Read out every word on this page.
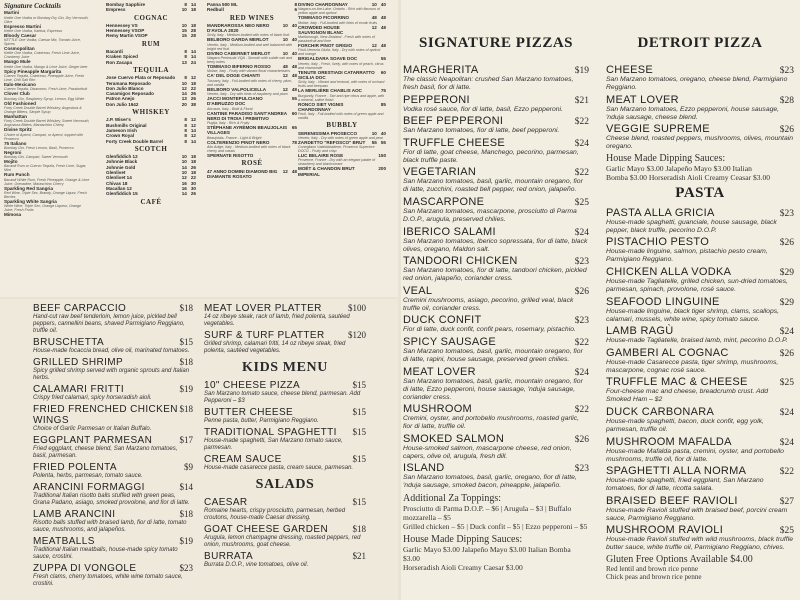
Signature Cocktails
Martini
Kettle One Vodka or Bombay Dry Gin, Dry Vermouth, Olive
Espresso Martini
Kettle One Vodka, Kahlua, Espresso
Bloody Caesar
KETTLE One Vodka, Caesar Mix, Tomato Juice, Spices
Cosmopolitan
Kettle One Vodka, Cointreau, Fresh Lime Juice, Cranberry Juice
Mango Mule
Kettle One Vodka, Mango & Lime Juice, Ginger beer
Spicy Pineapple Margarita
Cuervo Tequila, Cointreau, Pineapple Juice, Fresh Lime, Chili Salt Rim
Italo-Mexicano
Cuervo Tequila, Disaronno, Fresh Lime, Passionfruit
Clover Club
Bombay Gin, Raspberry Syrup, Lemon, Egg White
Old Fashioned
Forty Creek Double Barrel Whiskey, Angostura & Orange Bitters, Simple Syrup
Manhattan
Forty Creek Double Barrel Whiskey, Sweet Vermouth, Angostura Bitters, Maraschino Cherry
Divine Spritz
Choice of Aperol, Campari, or Aperol, topped with Prosecco
75 Italiano
Bombay Gin, Fresh Lemon, Basil, Prosecco
Negroni
Bombay Gin, Campari, Sweet Vermouth
Mojito
Bacardi Rum or Cuervo Tequila, Fresh Lime, Sugar, Mint
Rum Punch
Bacardi White Rum, Fresh Pineapple, Orange & Lime Juice, Grenadine, Maraschino Cherry
Sparkling Red Sangria
Red Wine, Triple Sec, Brandy, Orange Liquor, Fresh Berries
Sparkling White Sangria
White Wine, Triple Sec, Orange Liqueur, Orange Juice, Fresh Fruits
Mimosa
Bombay Sapphire	8 14
Empress	10 18
COGNAC
Hennessey VS	10 18
Hennessey VSOP	15 28
Remy Martin VSOP	15 28
RUM
Bacardi	8 14
Kraken Spiced	8 14
Ron Zacapa	13 24
TEQUILA
Jose Cuervo Plata or Reposado	8 12
Teramana Reposado	10 18
Don Julio Blanco	12 22
Casamigos Reposado	14 26
Patron Anejo	13 26
Don Julio 1942	20 38
WHISKEY
J.P. Wiser's	8 12
Bushmills Original	8 12
Jameson Irish	8 14
Crown Royal	8 12
Forty Creek Double Barrel	8 14
SCOTCH
Glenfiddich 12	10 18
Johnnie Black	10 18
Johnnie Gold	14 26
Glenlivet	10 18
Glenlivet 14	12 22
Chivas 18	16 30
Macallan 12	16 30
Glenfiddich 15	14 26
CAFÉ
Panna 500 ML	8
Redbull	6
RED WINES
MANDRAROSSA NEO NERO D'AVOLA 2020
10 40
Sicily, Italy - Medium-bodied with notes of black fruit
BELBORO GARDA MERLOT	10 40
Veneto, Italy - Medium-bodied and well balanced with bright red fruit
DIVINO CABERNET MERLOT	10 40
Niagara Peninsula VQA - Smooth with subtle oak and berry notes
TOMMASO BIFERNO ROSSO	48 48
Molise, Italy - Fruity with vibrant floral characteristics
CA' DEL DOGE CHIANTI	12 48
Tuscany, Italy - Full-bodied with notes of cherry, plum, and vanilla
BELBORO VALPOLICELLA	12 48
Veneto, Italy - Dry with hints of raspberry and plum
JACCI MONTEPULCIANO D'ABRUZZO DOC
55
Abruzzo, Italy - Bold & Floral
CANTINE PARADISO SANT'ANDREA NERO DI TROIA / PRIMITIVO
60
Puglia, Italy - Rich & Fruity
STÉPHANE AYRÉMON BEAUJOLAIS VILLAGES
65
Beaujolais, France - Light & Bright
COLTERENZIO PINOT NERO	78
Alto Adige, Italy - Medium-bodied with notes of black cherry and cassis
SPERNATE RISOTTO
ROSÉ
47 ANNO DOMINI DIAMOND BIG	12 48
DIAMANTE ROSATO
DIVINO CHARDONNAY	10 40
Niagara-on-the-Lake, Ontario - Rich with flavours of yellow apple and apricot
TOMMASO FICORRINO	48 48
Molise, Italy - Full-bodied with hints of exotic fruits
CROWDED HOUSE SAUVIGNON BLANC
12 48
Marlborough, New Zealand - Fresh with notes of passionfruit and lime
FORCHIR PINOT GRIGIO	12 48
Friuli-Venezia Giulia, Italy - Dry with notes of apricot and orange
BRIGALDARA SOAVE DOC	55
Veneto, Italy - Fresh, lively, with notes of peach, citrus and chamomile
TENUTE ORESTIADI CATARRATTO SICILIA DOC
60
Sicily, Italy - Vibrant and textural, with notes of orchard fruits and beeswax
LA MERLIÈRE CHABLIS AOC	75
Burgundy, France - Tart and ripe citrus and apple, with a mineral, saline finish
RONCO SIET VIGNIS CHARDONNAY
85
Friuli, Italy - Full-bodied with notes of green apple and vanilla
BUBBLY
SERENISSIMA PROSECCO	10 40
Veneto, Italy - Dry with notes of green apple and pear
ZARDETTO "REFOSCO" BRUT	55 55
Conegliano Valdobbiadene, Prosecco Superiore DOCG - Fruity and crisp
LUC BELAIRE ROSE	150
Provence, France - Dry with an elegant palate of strawberry and blackcurrant
MOËT & CHANDON BRUT IMPERIAL
200
BEEF CARPACCIO	$18
Hand-cut raw beef tenderloin, lemon juice, pickled bell peppers, cannellini beans, shaved Parmigiano Reggiano, truffle oil.
BRUSCHETTA	$15
House-made focaccia bread, olive oil, marinated tomatoes.
GRILLED SHRIMP	$18
Spicy grilled shrimp served with organic sprouts and Italian herbs.
CALAMARI FRITTI	$19
Crispy fried calamari, spicy horseradish aioli.
FRIED FRENCHED CHICKEN WINGS
$18
Choice of Garlic Parmesan or Italian Buffalo.
EGGPLANT PARMESAN	$17
Fried eggplant, cheese blend, San Marzano tomatoes, basil, parmesan.
FRIED POLENTA	$9
Polenta, herbs, parmesan, tomato sauce.
ARANCINI FORMAGGI	$14
Traditional Italian risotto balls stuffed with green peas, Grana Padano, asiago, smoked provolone, and fior di latte.
LAMB ARANCINI	$18
Risotto balls stuffed with braised lamb, fior di latte, tomato sauce, mushrooms, and jalapeños.
MEATBALLS	$19
Traditional Italian meatballs, house-made spicy tomato sauce, crostini.
ZUPPA DI VONGOLE	$23
Fresh clams, cherry tomatoes, white wine tomato sauce, crostini.
MEAT LOVER PLATTER	$100
14 oz ribeye steak, rack of lamb, fried polenta, sautéed vegetables.
SURF & TURF PLATTER	$120
Grilled shrimp, calamari fritti, 14 oz ribeye steak, fried polenta, sautéed vegetables.
KIDS MENU
10" CHEESE PIZZA	$15
San Marzano tomato sauce, cheese blend, parmesan. Add Pepperoni – $3
BUTTER CHEESE	$15
Penne pasta, butter, Parmigiano Reggiano.
TRADITIONAL SPAGHETTI $15
House-made spaghetti, San Marzano tomato sauce, parmesan.
CREAM SAUCE	$15
House-made casarecce pasta, cream sauce, parmesan.
SALADS
CAESAR	$15
Romaine hearts, crispy prosciutto, parmesan, herbed croutons, house-made Caesar dressing.
GOAT CHEESE GARDEN	$18
Arugula, lemon champagne dressing, roasted peppers, red onion, mushrooms, goat cheese.
BURRATA	$21
Burrata D.O.P., vine tomatoes, olive oil.
SIGNATURE PIZZAS
MARGHERITA	$19
The classic Neapolitan: crushed San Marzano tomatoes, fresh basil, fior di latte.
PEPPERONI	$21
Vodka rosé sauce, fior di latte, basil, Ezzo pepperoni.
BEEF PEPPERONI	$22
San Marzano tomatoes, fior di latte, beef pepperoni.
TRUFFLE CHEESE	$24
Fior di latte, goat cheese, Manchego, pecorino, parmesan, black truffle paste.
VEGETARIAN	$22
San Marzano tomatoes, basil, garlic, mountain oregano, fior di latte, zucchini, roasted bell pepper, red onion, jalapeño.
MASCARPONE	$25
San Marzano tomatoes, mascarpone, prosciutto di Parma D.O.P., arugula, preserved chilies.
IBERICO SALAMI	$24
San Marzano tomatoes, Iberico sopressata, fior di latte, black olives, oregano, Maldon salt.
TANDOORI CHICKEN	$23
San Marzano tomatoes, fior di latte, tandoori chicken, pickled red onion, jalapeño, coriander cress.
VEAL	$26
Cremini mushrooms, asiago, pecorino, grilled veal, black truffle oil, coriander cress.
DUCK CONFIT	$23
Fior di latte, duck confit, confit pears, rosemary, pistachio.
SPICY SAUSAGE	$22
San Marzano tomatoes, basil, garlic, mountain oregano, fior di latte, rapini, house sausage, preserved green chilies.
MEAT LOVER	$24
San Marzano tomatoes, basil, garlic, mountain oregano, fior di latte, Ezzo pepperoni, house sausage, 'nduja sausage, coriander cress.
MUSHROOM	$22
Cremini, oyster, and portobello mushrooms, roasted garlic, fior di latte, truffle oil.
SMOKED SALMON	$26
House-smoked salmon, mascarpone cheese, red onion, capers, olive oil, arugula, fresh dill.
ISLAND	$23
San Marzano tomatoes, basil, garlic, oregano, fior di latte, 'nduja sausage, smoked bacon, pineapple, jalapeño.
Additional Za Toppings:
Prosciutto di Parma D.O.P. – $6 | Arugula – $3 | Buffalo mozzarella – $5
Grilled chicken – $5 | Duck confit – $5 | Ezzo pepperoni – $5
House Made Dipping Sauces:
Garlic Mayo $3.00 Jalapeño Mayo $3.00 Italian Bomba $3.00
Horseradish Aioli Creamy Caesar $3.00
DETROIT PIZZA
CHEESE	$23
San Marzano tomatoes, oregano, cheese blend, Parmigiano Reggiano.
MEAT LOVER	$28
San Marzano tomatoes, Ezzo pepperoni, house sausage, 'nduja sausage, cheese blend.
VEGGIE SUPREME	$26
Cheese blend, roasted peppers, mushrooms, olives, mountain oregano.
House Made Dipping Sauces:
Garlic Mayo $3.00 Jalapeño Mayo $3.00 Italian
Bomba $3.00 Horseradish Aioli Creamy Ceasar $3.00
PASTA
PASTA ALLA GRICIA	$23
House-made spaghetti, guanciale, house sausage, black pepper, black truffle, pecorino D.O.P.
PISTACHIO PESTO	$26
House-made linguine, salmon, pistachio pesto cream, Parmigiano Reggiano.
CHICKEN ALLA VODKA	$29
House-made Tagliatelle, grilled chicken, sun-dried tomatoes, parmesan, spinach, provolone, rosé sauce.
SEAFOOD LINGUINE	$29
House-made linguine, black tiger shrimp, clams, scallops, calamari, mussels, white wine, spicy tomato sauce.
LAMB RAGÙ	$24
House-made Tagliatelle, braised lamb, mint, pecorino D.O.P.
GAMBERI AL COGNAC	$26
House-made Casarecce pasta, tiger shrimp, mushrooms, mascarpone, cognac rosé sauce.
TRUFFLE MAC & CHEESE	$25
Four-cheese mac and cheese, breadcrumb crust. Add Smoked Ham – $2
DUCK CARBONARA	$24
House-made spaghetti, bacon, duck confit, egg yolk, parmesan, truffle oil.
MUSHROOM MAFALDA	$24
House-made Mafalda pasta, cremini, oyster, and portobello mushrooms, truffle oil, fior di latte.
SPAGHETTI ALLA NORMA	$22
House-made spaghetti, fried eggplant, San Marzano tomatoes, fior di latte, ricotta salata.
BRAISED BEEF RAVIOLI	$27
House-made Ravioli stuffed with braised beef, porcini cream sauce, Parmigiano Reggiano.
MUSHROOM RAVIOLI	$25
House-made Ravioli stuffed with wild mushrooms, black truffle butter sauce, white truffle oil, Parmigiano Reggiano, chives.
Gluten Free Options Available $4.00
Red lentil and brown rice penne
Chick peas and brown rice penne
